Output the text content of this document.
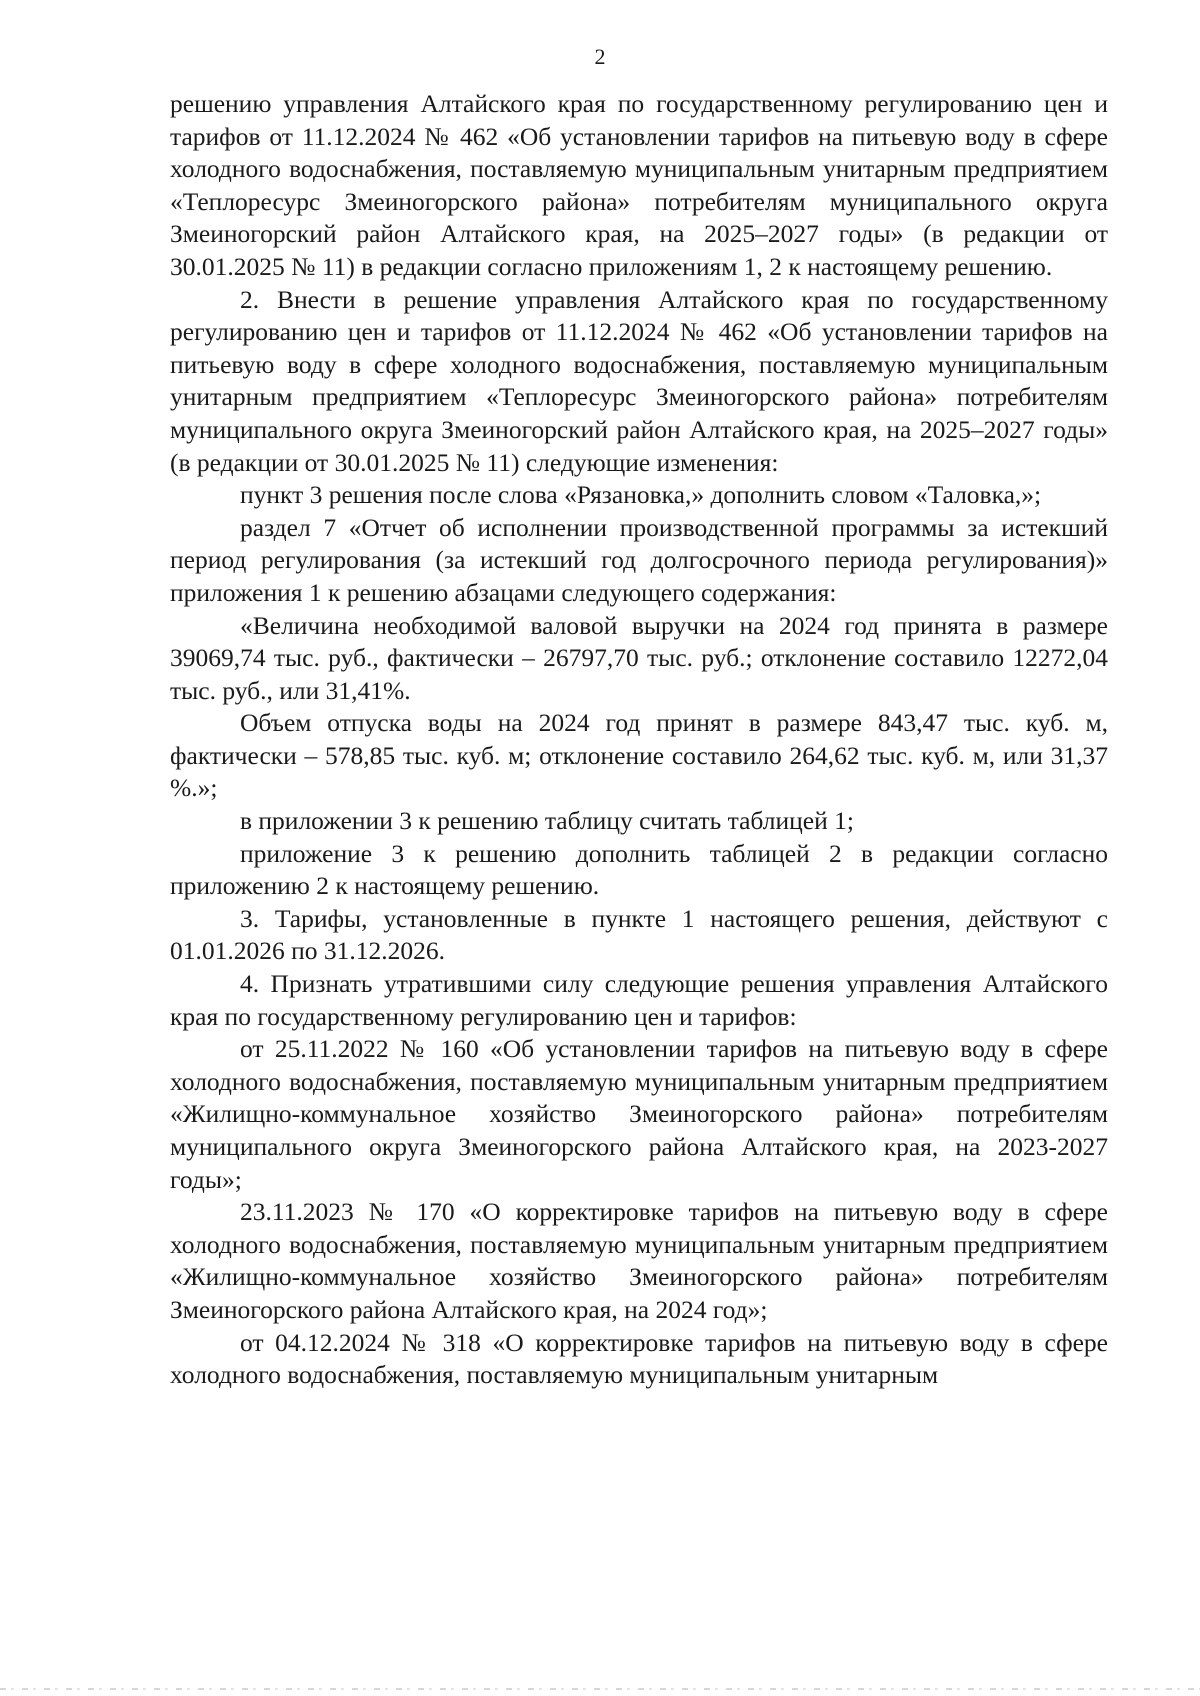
2

решению управления Алтайского края по государственному регулированию цен и тарифов от 11.12.2024 № 462 «Об установлении тарифов на питьевую воду в сфере холодного водоснабжения, поставляемую муниципальным унитарным предприятием «Теплоресурс Змеиногорского района» потребителям муниципального округа Змеиногорский район Алтайского края, на 2025–2027 годы» (в редакции от 30.01.2025 № 11) в редакции согласно приложениям 1, 2 к настоящему решению.

2. Внести в решение управления Алтайского края по государственному регулированию цен и тарифов от 11.12.2024 № 462 «Об установлении тарифов на питьевую воду в сфере холодного водоснабжения, поставляемую муниципальным унитарным предприятием «Теплоресурс Змеиногорского района» потребителям муниципального округа Змеиногорский район Алтайского края, на 2025–2027 годы» (в редакции от 30.01.2025 № 11) следующие изменения:

пункт 3 решения после слова «Рязановка,» дополнить словом «Таловка,»;

раздел 7 «Отчет об исполнении производственной программы за истекший период регулирования (за истекший год долгосрочного периода регулирования)» приложения 1 к решению абзацами следующего содержания:

«Величина необходимой валовой выручки на 2024 год принята в размере 39069,74 тыс. руб., фактически – 26797,70 тыс. руб.; отклонение составило 12272,04 тыс. руб., или 31,41%.

Объем отпуска воды на 2024 год принят в размере 843,47 тыс. куб. м, фактически – 578,85 тыс. куб. м; отклонение составило 264,62 тыс. куб. м, или 31,37 %.»;

в приложении 3 к решению таблицу считать таблицей 1;

приложение 3 к решению дополнить таблицей 2 в редакции согласно приложению 2 к настоящему решению.

3. Тарифы, установленные в пункте 1 настоящего решения, действуют с 01.01.2026 по 31.12.2026.

4. Признать утратившими силу следующие решения управления Алтайского края по государственному регулированию цен и тарифов:

от 25.11.2022 № 160 «Об установлении тарифов на питьевую воду в сфере холодного водоснабжения, поставляемую муниципальным унитарным предприятием «Жилищно-коммунальное хозяйство Змеиногорского района» потребителям муниципального округа Змеиногорского района Алтайского края, на 2023-2027 годы»;

23.11.2023 № 170 «О корректировке тарифов на питьевую воду в сфере холодного водоснабжения, поставляемую муниципальным унитарным предприятием «Жилищно-коммунальное хозяйство Змеиногорского района» потребителям Змеиногорского района Алтайского края, на 2024 год»;

от 04.12.2024 № 318 «О корректировке тарифов на питьевую воду в сфере холодного водоснабжения, поставляемую муниципальным унитарным
